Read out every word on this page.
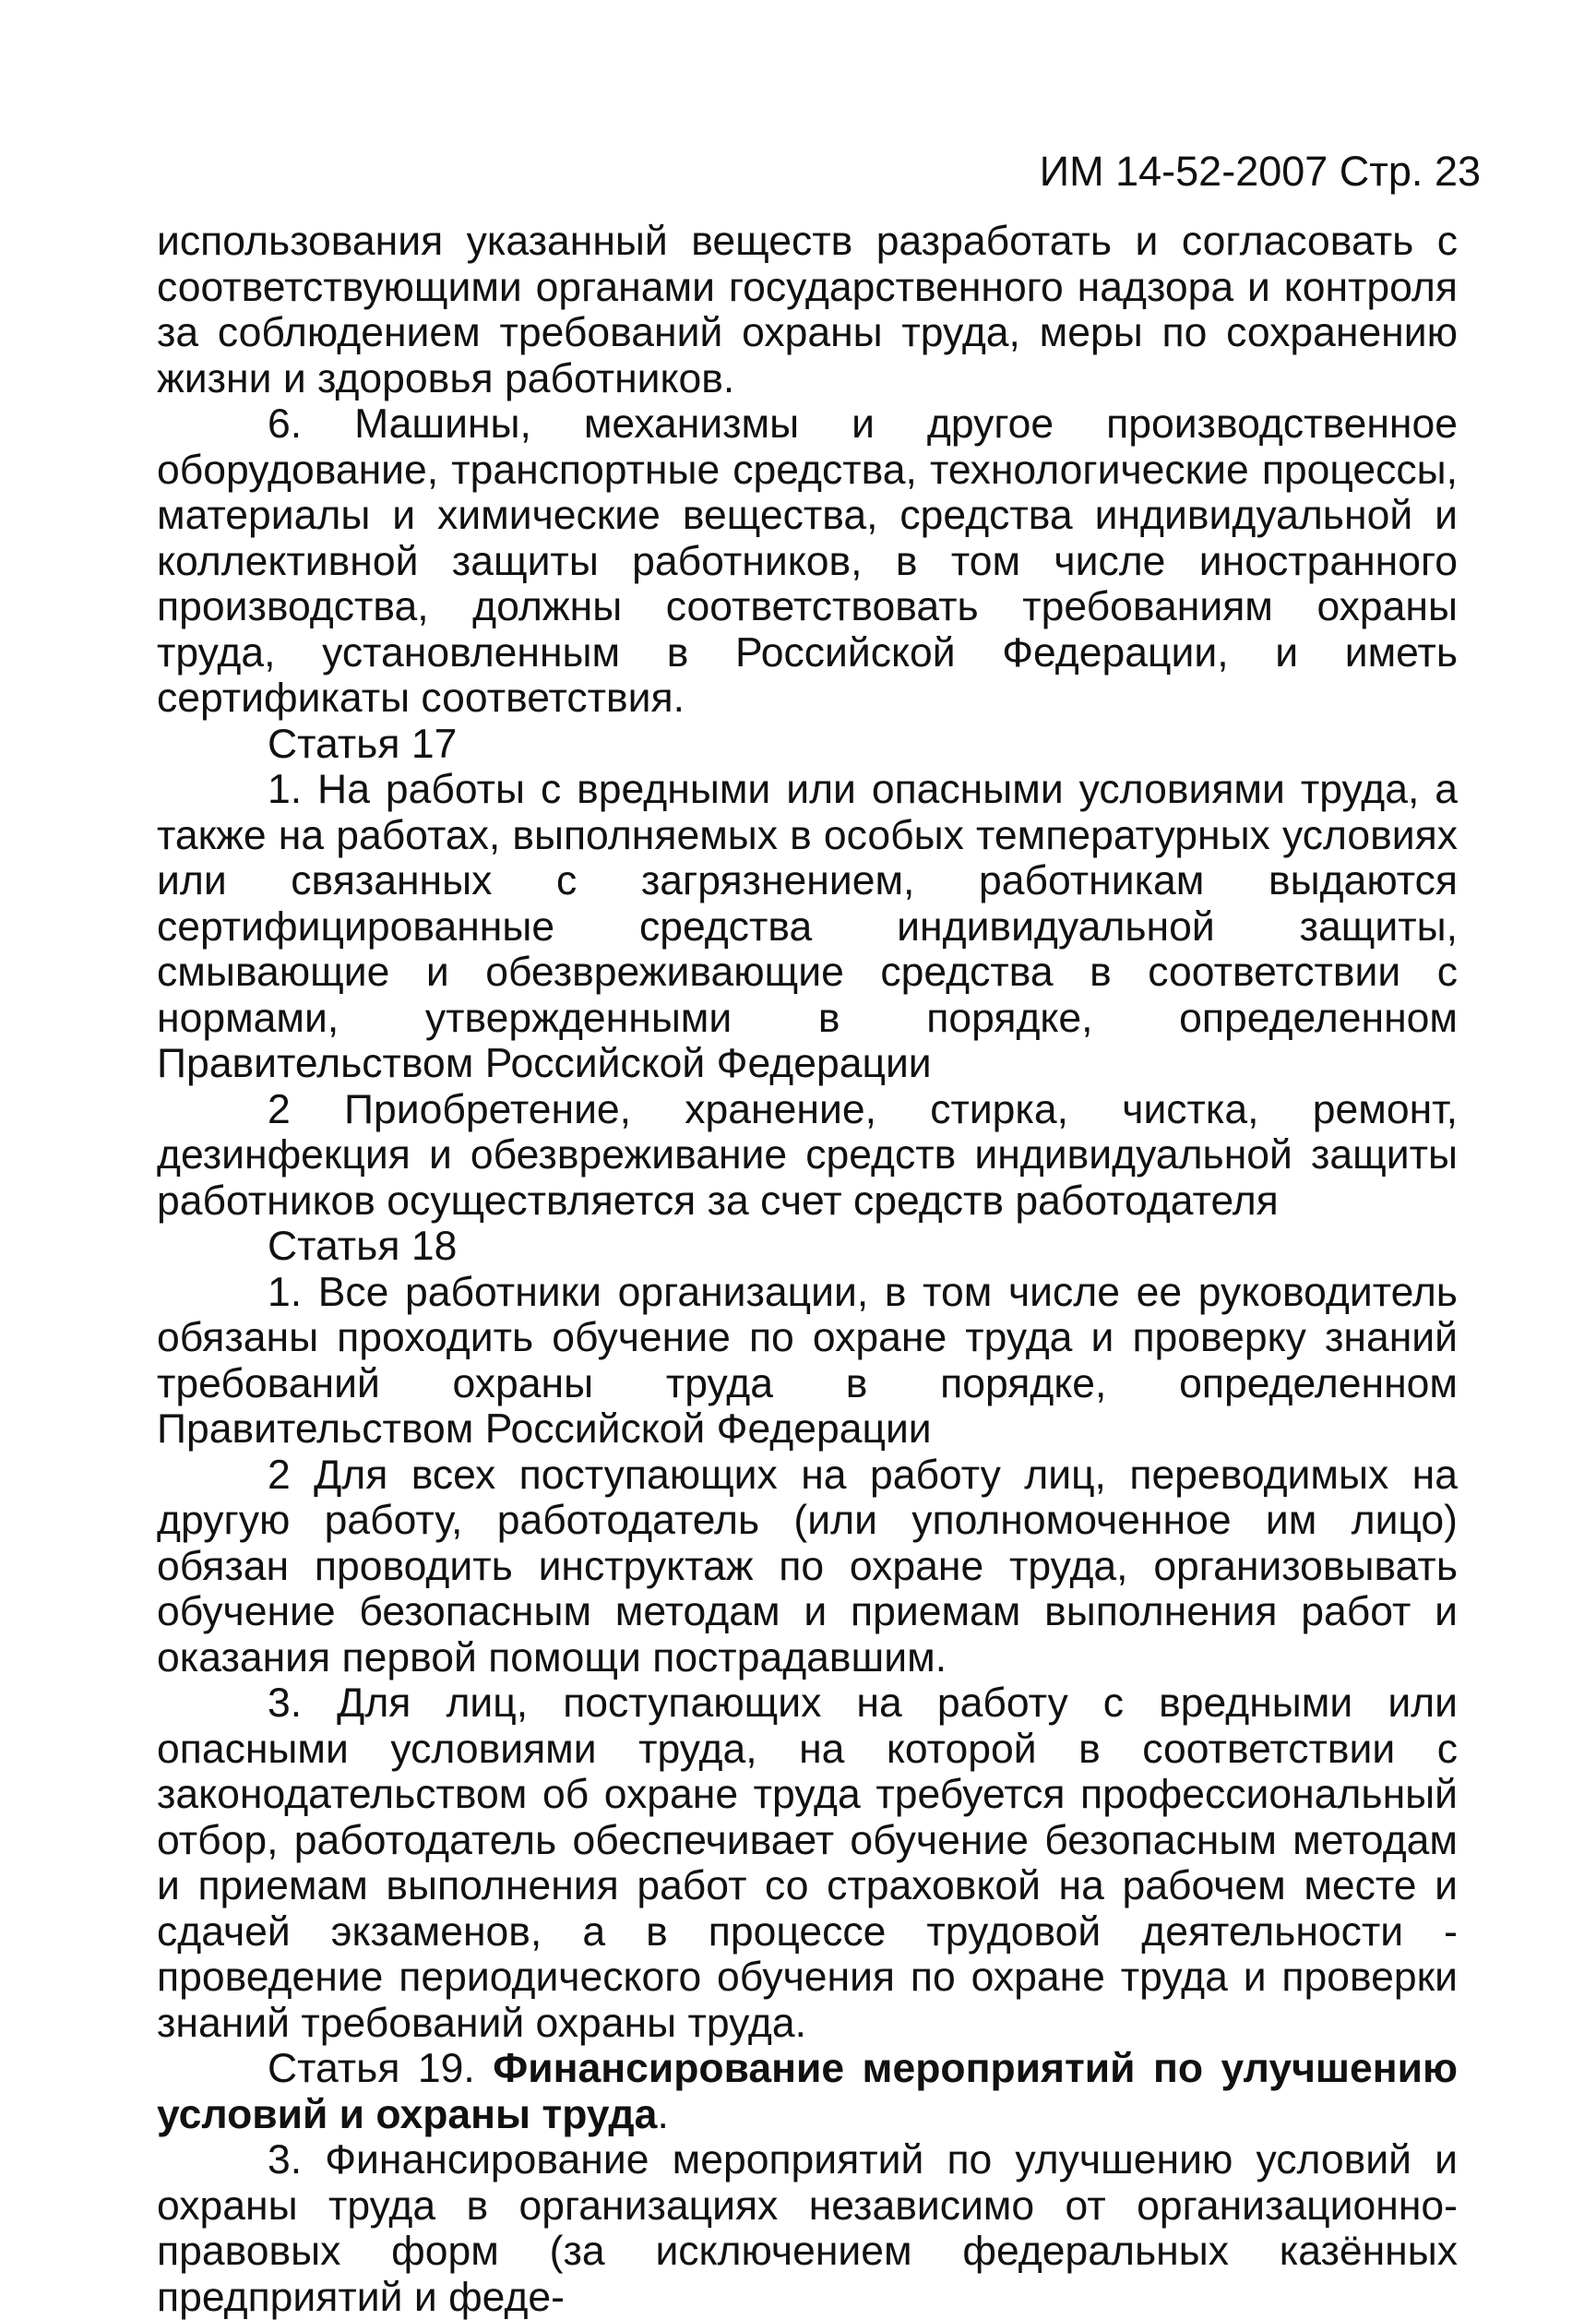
ИМ 14-52-2007 Стр. 23

использования указанный веществ разработать и согласовать с соответствующими органами государственного надзора и контроля за соблюдением требований охраны труда, меры по сохранению жизни и здоровья работников.

6. Машины, механизмы и другое производственное оборудование, транспортные средства, технологические процессы, материалы и химические вещества, средства индивидуальной и коллективной защиты работников, в том числе иностранного производства, должны соответствовать требованиям охраны труда, установленным в Российской Федерации, и иметь сертификаты соответствия.

Статья 17

1. На работы с вредными или опасными условиями труда, а также на работах, выполняемых в особых температурных условиях или связанных с загрязнением, работникам выдаются сертифицированные средства индивидуальной защиты, смывающие и обезвреживающие средства в соответствии с нормами, утвержденными в порядке, определенном Правительством Российской Федерации

2 Приобретение, хранение, стирка, чистка, ремонт, дезинфекция и обезвреживание средств индивидуальной защиты работников осуществляется за счет средств работодателя

Статья 18

1. Все работники организации, в том числе ее руководитель обязаны проходить обучение по охране труда и проверку знаний требований охраны труда в порядке, определенном Правительством Российской Федерации

2 Для всех поступающих на работу лиц, переводимых на другую работу, работодатель (или уполномоченное им лицо) обязан проводить инструктаж по охране труда, организовывать обучение безопасным методам и приемам выполнения работ и оказания первой помощи пострадавшим.

3. Для лиц, поступающих на работу с вредными или опасными условиями труда, на которой в соответствии с законодательством об охране труда требуется профессиональный отбор, работодатель обеспечивает обучение безопасным методам и приемам выполнения работ со страховкой на рабочем месте и сдачей экзаменов, а в процессе трудовой деятельности - проведение периодического обучения по охране труда и проверки знаний требований охраны труда.

Статья 19. Финансирование мероприятий по улучшению условий и охраны труда.

3. Финансирование мероприятий по улучшению условий и охраны труда в организациях независимо от организационно-правовых форм (за исключением федеральных казённых предприятий и феде-
